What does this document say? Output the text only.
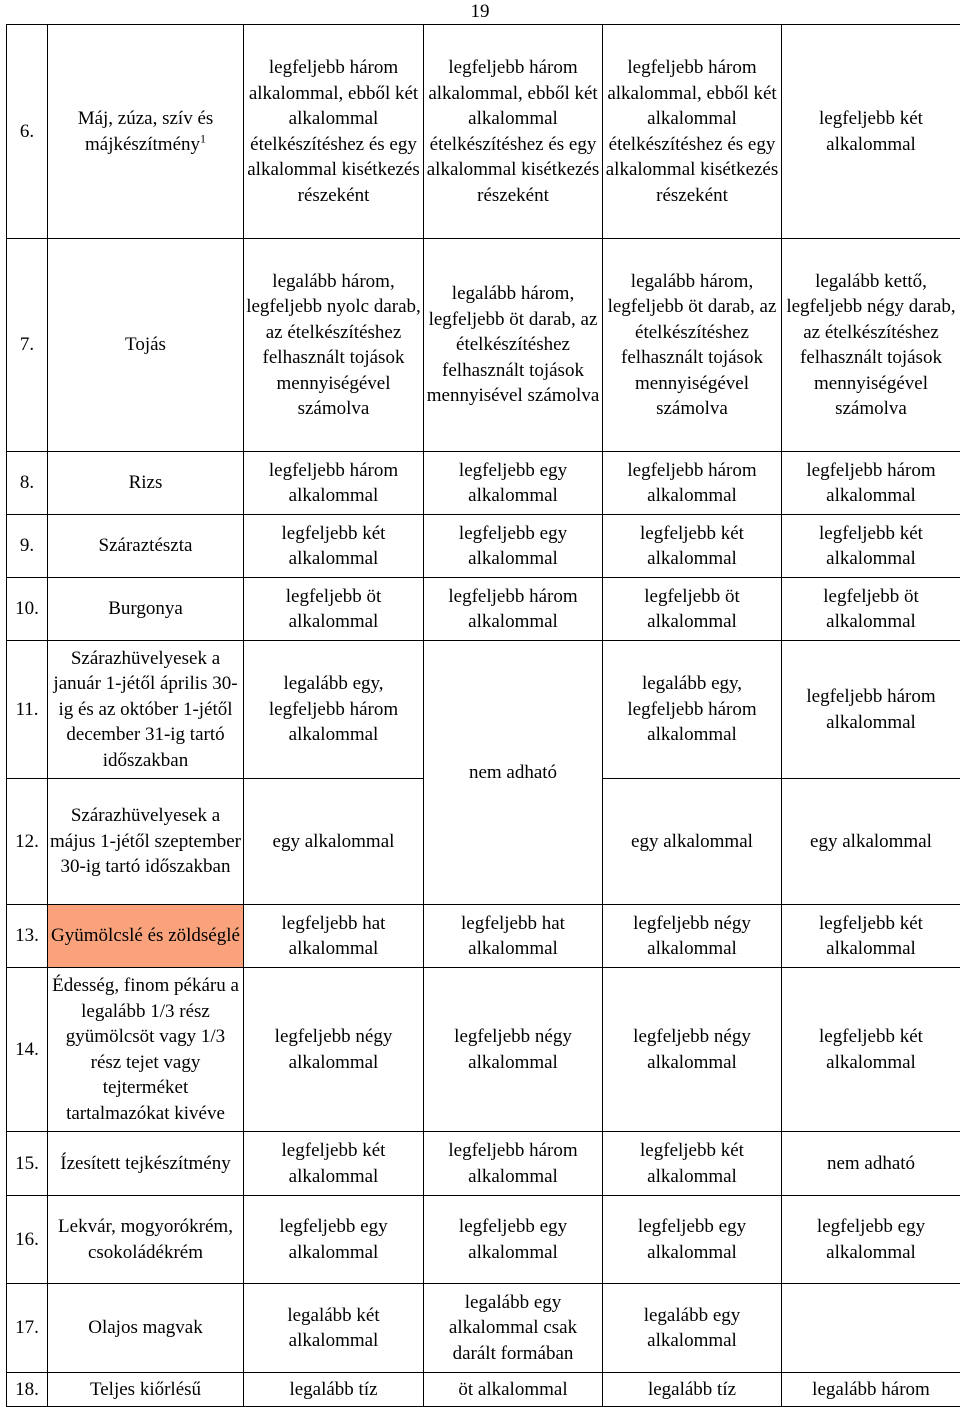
19
6.	Máj, zúza, szív és májkészítmény$^1$	legfeljebb három alkalommal, ebből két alkalommal ételkészítéshez és egy alkalommal kisétkezés részeként	legfeljebb három alkalommal, ebből két alkalommal ételkészítéshez és egy alkalommal kisétkezés részeként	legfeljebb három alkalommal, ebből két alkalommal ételkészítéshez és egy alkalommal kisétkezés részeként	legfeljebb két alkalommal
7.	Tojás	legalább három, legfeljebb nyolc darab, az ételkészítéshez felhasznált tojások mennyiségével számolva	legalább három, legfeljebb öt darab, az ételkészítéshez felhasznált tojások mennyisével számolva	legalább három, legfeljebb öt darab, az ételkészítéshez felhasznált tojások mennyiségével számolva	legalább kettő, legfeljebb négy darab, az ételkészítéshez felhasznált tojások mennyiségével számolva
8.	Rizs	legfeljebb három alkalommal	legfeljebb egy alkalommal	legfeljebb három alkalommal	legfeljebb három alkalommal
9.	Száraztészta	legfeljebb két alkalommal	legfeljebb egy alkalommal	legfeljebb két alkalommal	legfeljebb két alkalommal
10.	Burgonya	legfeljebb öt alkalommal	legfeljebb három alkalommal	legfeljebb öt alkalommal	legfeljebb öt alkalommal
11.	Szárazhüvelyesek a január 1-jétől április 30-ig és az október 1-jétől december 31-ig tartó időszakban	legalább egy, legfeljebb három alkalommal	nem adható	legalább egy, legfeljebb három alkalommal	legfeljebb három alkalommal
12.	Szárazhüvelyesek a május 1-jétől szeptember 30-ig tartó időszakban	egy alkalommal		egy alkalommal	egy alkalommal
13.	Gyümölcslé és zöldséglé	legfeljebb hat alkalommal	legfeljebb hat alkalommal	legfeljebb négy alkalommal	legfeljebb két alkalommal
14.	Édesség, finom pékáru a legalább 1/3 rész gyümölcsöt vagy 1/3 rész tejet vagy tejterméket tartalmazókat kivéve	legfeljebb négy alkalommal	legfeljebb négy alkalommal	legfeljebb négy alkalommal	legfeljebb két alkalommal
15.	Ízesített tejkészítmény	legfeljebb két alkalommal	legfeljebb három alkalommal	legfeljebb két alkalommal	nem adható
16.	Lekvár, mogyorókrém, csokoládékrém	legfeljebb egy alkalommal	legfeljebb egy alkalommal	legfeljebb egy alkalommal	legfeljebb egy alkalommal
17.	Olajos magvak	legalább két alkalommal	legalább egy alkalommal csak darált formában	legalább egy alkalommal	
18.	Teljes kiőrlésű	legalább tíz	öt alkalommal	legalább tíz	legalább három
